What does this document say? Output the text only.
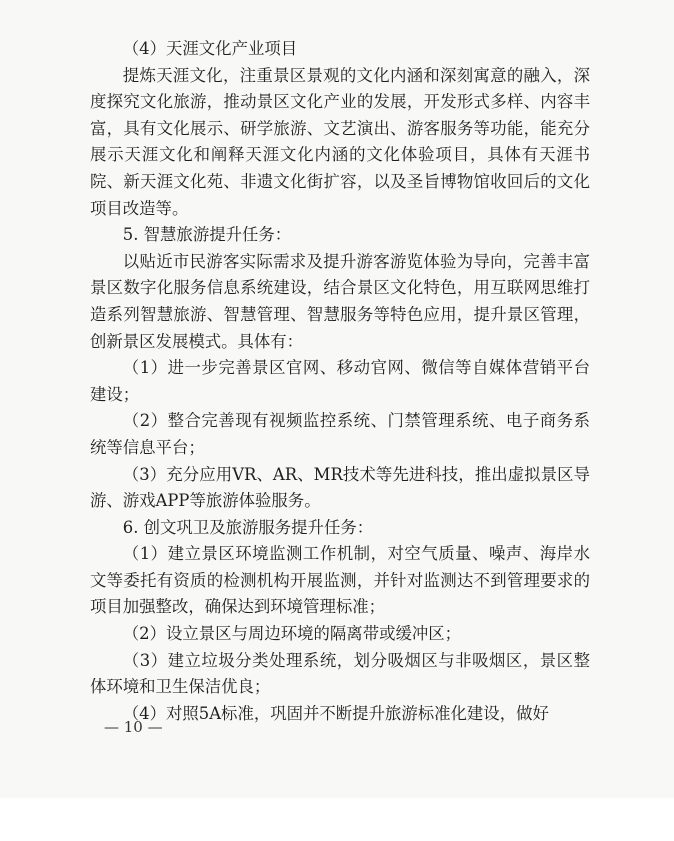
（4）天涯文化产业项目

提炼天涯文化，注重景区景观的文化内涵和深刻寓意的融入，深度探究文化旅游，推动景区文化产业的发展，开发形式多样、内容丰富，具有文化展示、研学旅游、文艺演出、游客服务等功能，能充分展示天涯文化和阐释天涯文化内涵的文化体验项目，具体有天涯书院、新天涯文化苑、非遗文化街扩容，以及圣旨博物馆收回后的文化项目改造等。

5. 智慧旅游提升任务：

以贴近市民游客实际需求及提升游客游览体验为导向，完善丰富景区数字化服务信息系统建设，结合景区文化特色，用互联网思维打造系列智慧旅游、智慧管理、智慧服务等特色应用，提升景区管理，创新景区发展模式。具体有：

（1）进一步完善景区官网、移动官网、微信等自媒体营销平台建设；

（2）整合完善现有视频监控系统、门禁管理系统、电子商务系统等信息平台；

（3）充分应用VR、AR、MR技术等先进科技，推出虚拟景区导游、游戏APP等旅游体验服务。

6. 创文巩卫及旅游服务提升任务：

（1）建立景区环境监测工作机制，对空气质量、噪声、海岸水文等委托有资质的检测机构开展监测，并针对监测达不到管理要求的项目加强整改，确保达到环境管理标准；

（2）设立景区与周边环境的隔离带或缓冲区；

（3）建立垃圾分类处理系统，划分吸烟区与非吸烟区，景区整体环境和卫生保洁优良；

（4）对照5A标准，巩固并不断提升旅游标准化建设，做好

— 10 —
